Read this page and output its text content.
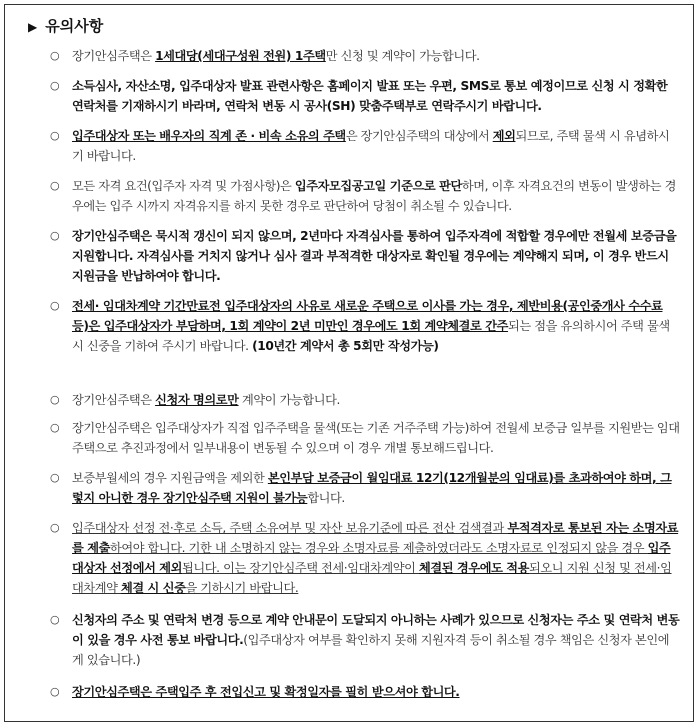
▶ 유의사항
○ 장기안심주택은 1세대당(세대구성원 전원) 1주택만 신청 및 계약이 가능합니다.
○ 소득심사, 자산소명, 입주대상자 발표 관련사항은 홈페이지 발표 또는 우편, SMS로 통보 예정이므로 신청 시 정확한 연락처를 기재하시기 바라며, 연락처 변동 시 공사(SH) 맞춤주택부로 연락주시기 바랍니다.
○ 입주대상자 또는 배우자의 직계 존 · 비속 소유의 주택은 장기안심주택의 대상에서 제외되므로, 주택 물색 시 유념하시기 바랍니다.
○ 모든 자격 요건(입주자 자격 및 가점사항)은 입주자모집공고일 기준으로 판단하며, 이후 자격요건의 변동이 발생하는 경우에는 입주 시까지 자격유지를 하지 못한 경우로 판단하여 당첨이 취소될 수 있습니다.
○ 장기안심주택은 묵시적 갱신이 되지 않으며, 2년마다 자격심사를 통하여 입주자격에 적합할 경우에만 전월세 보증금을 지원합니다. 자격심사를 거치지 않거나 심사 결과 부적격한 대상자로 확인될 경우에는 계약해지 되며, 이 경우 반드시 지원금을 반납하여야 합니다.
○ 전세· 임대차계약 기간만료전 입주대상자의 사유로 새로운 주택으로 이사를 가는 경우, 제반비용(공인중개사 수수료 등)은 입주대상자가 부담하며, 1회 계약이 2년 미만인 경우에도 1회 계약체결로 간주되는 점을 유의하시어 주택 물색 시 신중을 기하여 주시기 바랍니다. (10년간 계약서 총 5회만 작성가능)
○ 장기안심주택은 신청자 명의로만 계약이 가능합니다.
○ 장기안심주택은 입주대상자가 직접 입주주택을 물색(또는 기존 거주주택 가능)하여 전월세 보증금 일부를 지원받는 임대주택으로 추진과정에서 일부내용이 변동될 수 있으며 이 경우 개별 통보해드립니다.
○ 보증부월세의 경우 지원금액을 제외한 본인부담 보증금이 월임대료 12기(12개월분의 임대료)를 초과하여야 하며, 그렇지 아니한 경우 장기안심주택 지원이 불가능합니다.
○ 입주대상자 선정 전·후로 소득, 주택 소유여부 및 자산 보유기준에 따른 전산 검색결과 부적격자로 통보된 자는 소명자료를 제출하여야 합니다. 기한 내 소명하지 않는 경우와 소명자료를 제출하였더라도 소명자료로 인정되지 않을 경우 입주대상자 선정에서 제외됩니다. 이는 장기안심주택 전세·임대차계약이 체결된 경우에도 적용되오니 지원 신청 및 전세·임대차계약 체결 시 신중을 기하시기 바랍니다.
○ 신청자의 주소 및 연락처 변경 등으로 계약 안내문이 도달되지 아니하는 사례가 있으므로 신청자는 주소 및 연락처 변동이 있을 경우 사전 통보 바랍니다.(입주대상자 여부를 확인하지 못해 지원자격 등이 취소될 경우 책임은 신청자 본인에게 있습니다.)
○ 장기안심주택은 주택입주 후 전입신고 및 확정일자를 필히 받으셔야 합니다.
